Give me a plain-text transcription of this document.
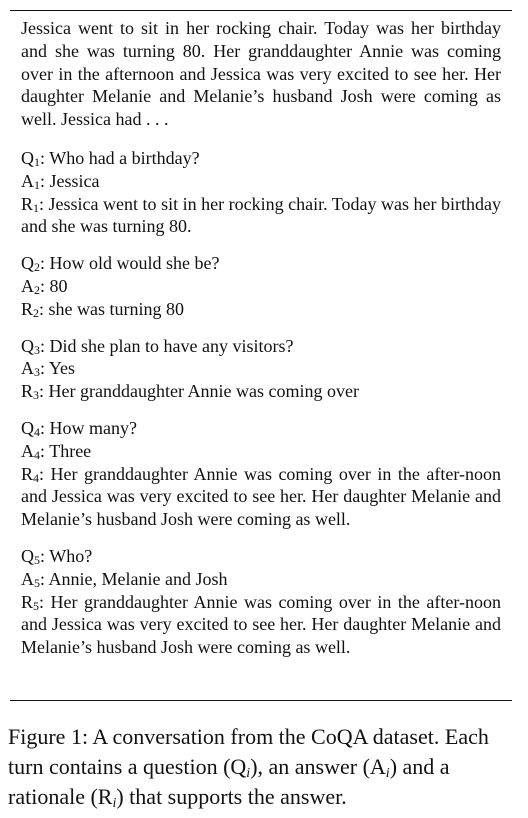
Jessica went to sit in her rocking chair. Today was her birthday and she was turning 80. Her granddaughter Annie was coming over in the afternoon and Jessica was very excited to see her. Her daughter Melanie and Melanie’s husband Josh were coming as well. Jessica had . . .

$Q_1$: Who had a birthday?

$A_1$: Jessica

$R_1$: Jessica went to sit in her rocking chair. Today was her birthday and she was turning 80.

$Q_2$: How old would she be?

$A_2$: 80

$R_2$: she was turning 80

$Q_3$: Did she plan to have any visitors?

$A_3$: Yes

$R_3$: Her granddaughter Annie was coming over

$Q_4$: How many?

$A_4$: Three

$R_4$: Her granddaughter Annie was coming over in the after-noon and Jessica was very excited to see her. Her daughter Melanie and Melanie’s husband Josh were coming as well.

$Q_5$: Who?

$A_5$: Annie, Melanie and Josh

$R_5$: Her granddaughter Annie was coming over in the after-noon and Jessica was very excited to see her. Her daughter Melanie and Melanie’s husband Josh were coming as well.

Figure 1: A conversation from the CoQA dataset. Each turn contains a question $(Q_i)$, an answer $(A_i)$ and a rationale $(R_i)$ that supports the answer.
